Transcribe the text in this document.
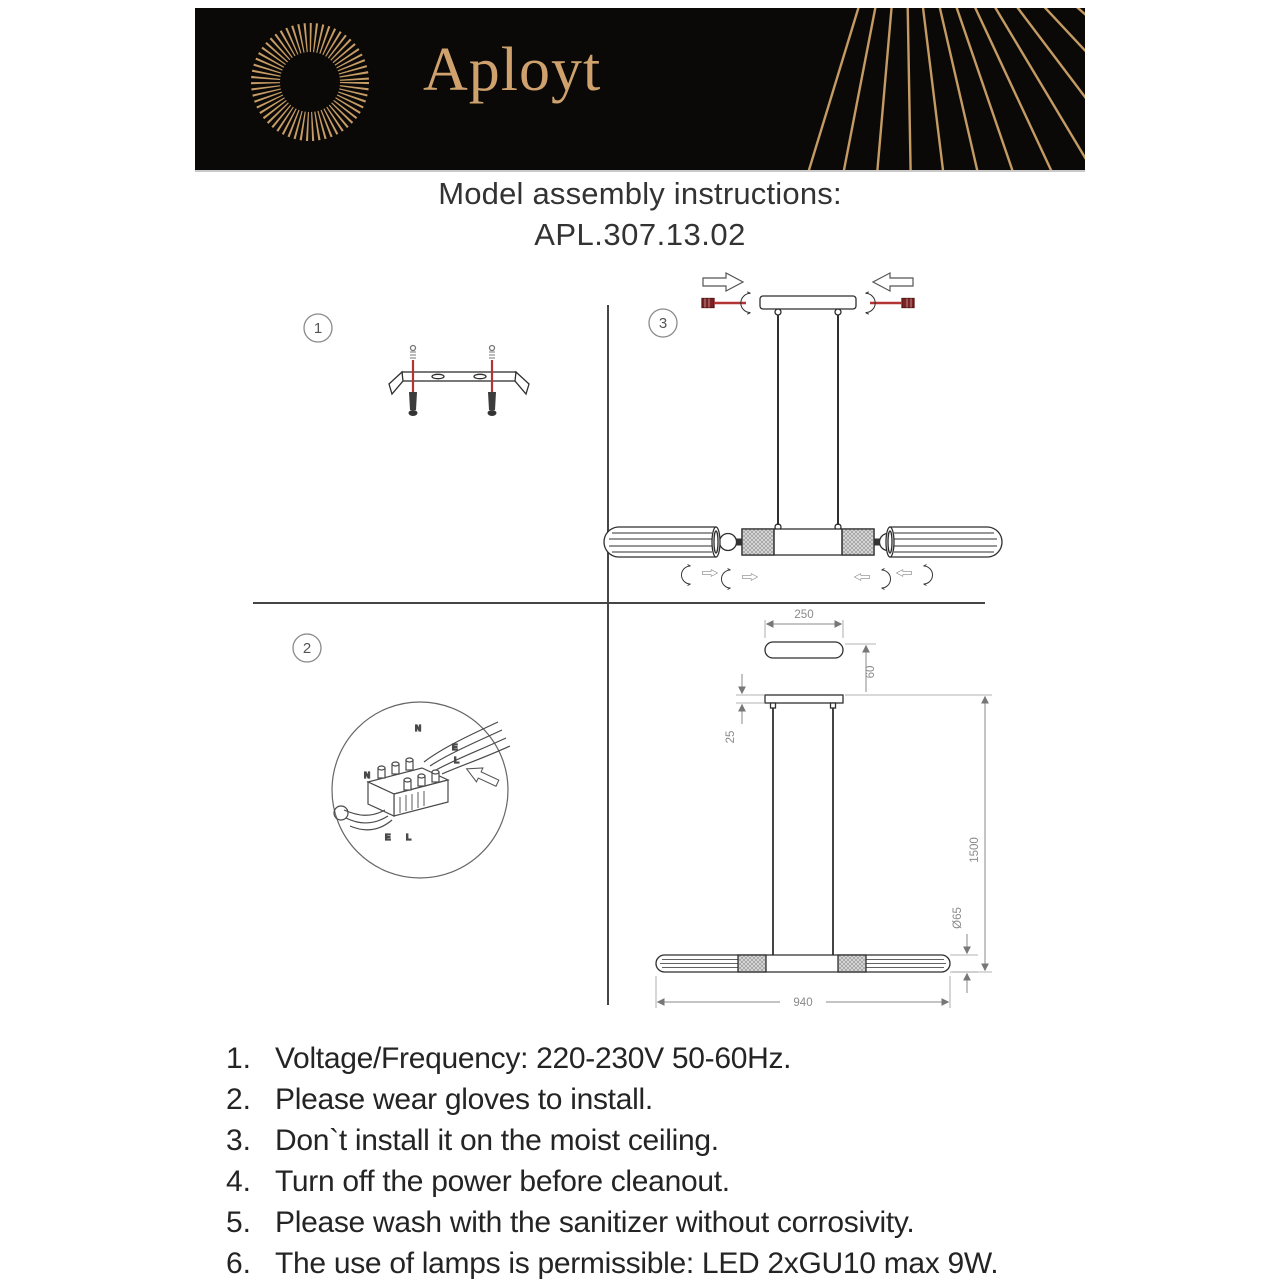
Aployt
Model assembly instructions:
APL.307.13.02
1	3
2
N
E
L
N
E L
250
60
25
1500
Ø65
940
1. Voltage/Frequency: 220-230V 50-60Hz.
2. Please wear gloves to install.
3. Don`t install it on the moist ceiling.
4. Turn off the power before cleanout.
5. Please wash with the sanitizer without corrosivity.
6. The use of lamps is permissible: LED 2xGU10 max 9W.
